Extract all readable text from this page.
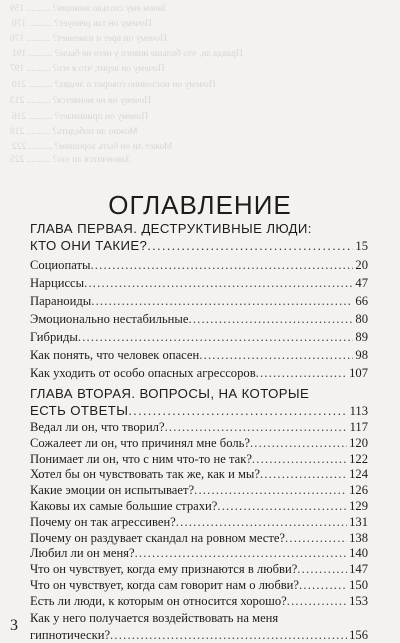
Зачем ему столько женщин? .......... 159
Почему он так ревнует? .......... 170
Почему он врет и изменяет? .......... 176
Правда ли, что больше никого у него не было? .......... 191
Почему он верит, что я его? .......... 197
Почему он постоянно говорит о людях? .......... 210
Почему он не меняется? .......... 213
Почему он принимает? .......... 216
Можно ли победить? .......... 218
Может ли он быть хорошим? .......... 222
Закончится ли это? .......... 225
ОГЛАВЛЕНИЕ
ГЛАВА ПЕРВАЯ. ДЕСТРУКТИВНЫЕ ЛЮДИ:
КТО ОНИ ТАКИЕ? .....	15
Социопаты .....	20
Нарциссы .....	47
Параноиды .....	66
Эмоционально нестабильные .....	80
Гибриды .....	89
Как понять, что человек опасен .....	98
Как уходить от особо опасных агрессоров .....	107
ГЛАВА ВТОРАЯ. ВОПРОСЫ, НА КОТОРЫЕ
ЕСТЬ ОТВЕТЫ .....	113
Ведал ли он, что творил? .....	117
Сожалеет ли он, что причинял мне боль? .....	120
Понимает ли он, что с ним что-то не так? .....	122
Хотел бы он чувствовать так же, как и мы? .....	124
Какие эмоции он испытывает? .....	126
Каковы их самые большие страхи? .....	129
Почему он так агрессивен? .....	131
Почему он раздувает скандал на ровном месте? .....	138
Любил ли он меня? .....	140
Что он чувствует, когда ему признаются в любви? .....	147
Что он чувствует, когда сам говорит нам о любви? .....	150
Есть ли люди, к которым он относится хорошо? .....	153
3 Как у него получается воздействовать на меня
гипнотически? .....	156
